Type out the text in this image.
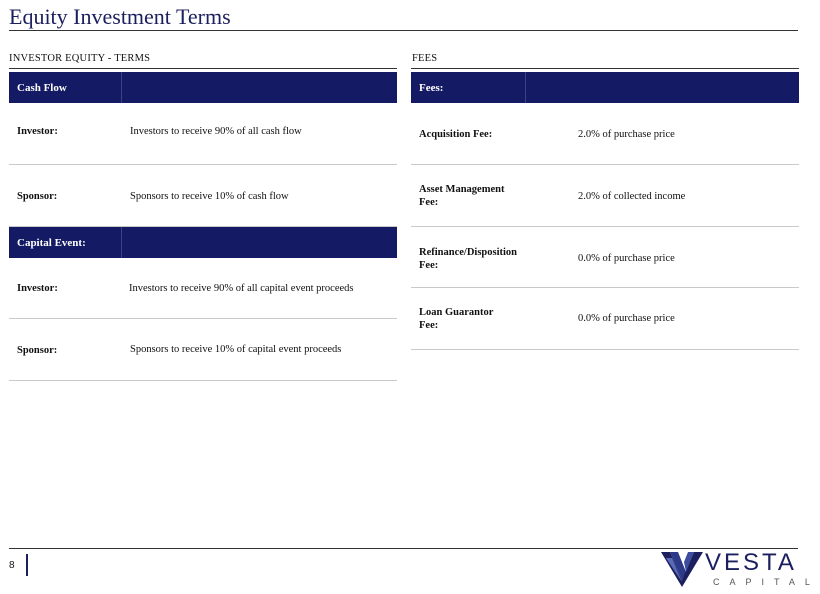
Equity Investment Terms
INVESTOR EQUITY - TERMS
Cash Flow
Investor:	Investors to receive 90% of all cash flow
Sponsor:	Sponsors to receive 10% of cash flow
Capital Event:
Investor:	Investors to receive 90% of all capital event proceeds
Sponsor:	Sponsors to receive 10% of capital event proceeds
FEES
Fees:
Acquisition Fee:	2.0% of purchase price
Asset Management
Fee:
2.0% of collected income
Refinance/Disposition
Fee:
0.0% of purchase price
Loan Guarantor
Fee:
0.0% of purchase price
8	VESTA
CAPITAL
